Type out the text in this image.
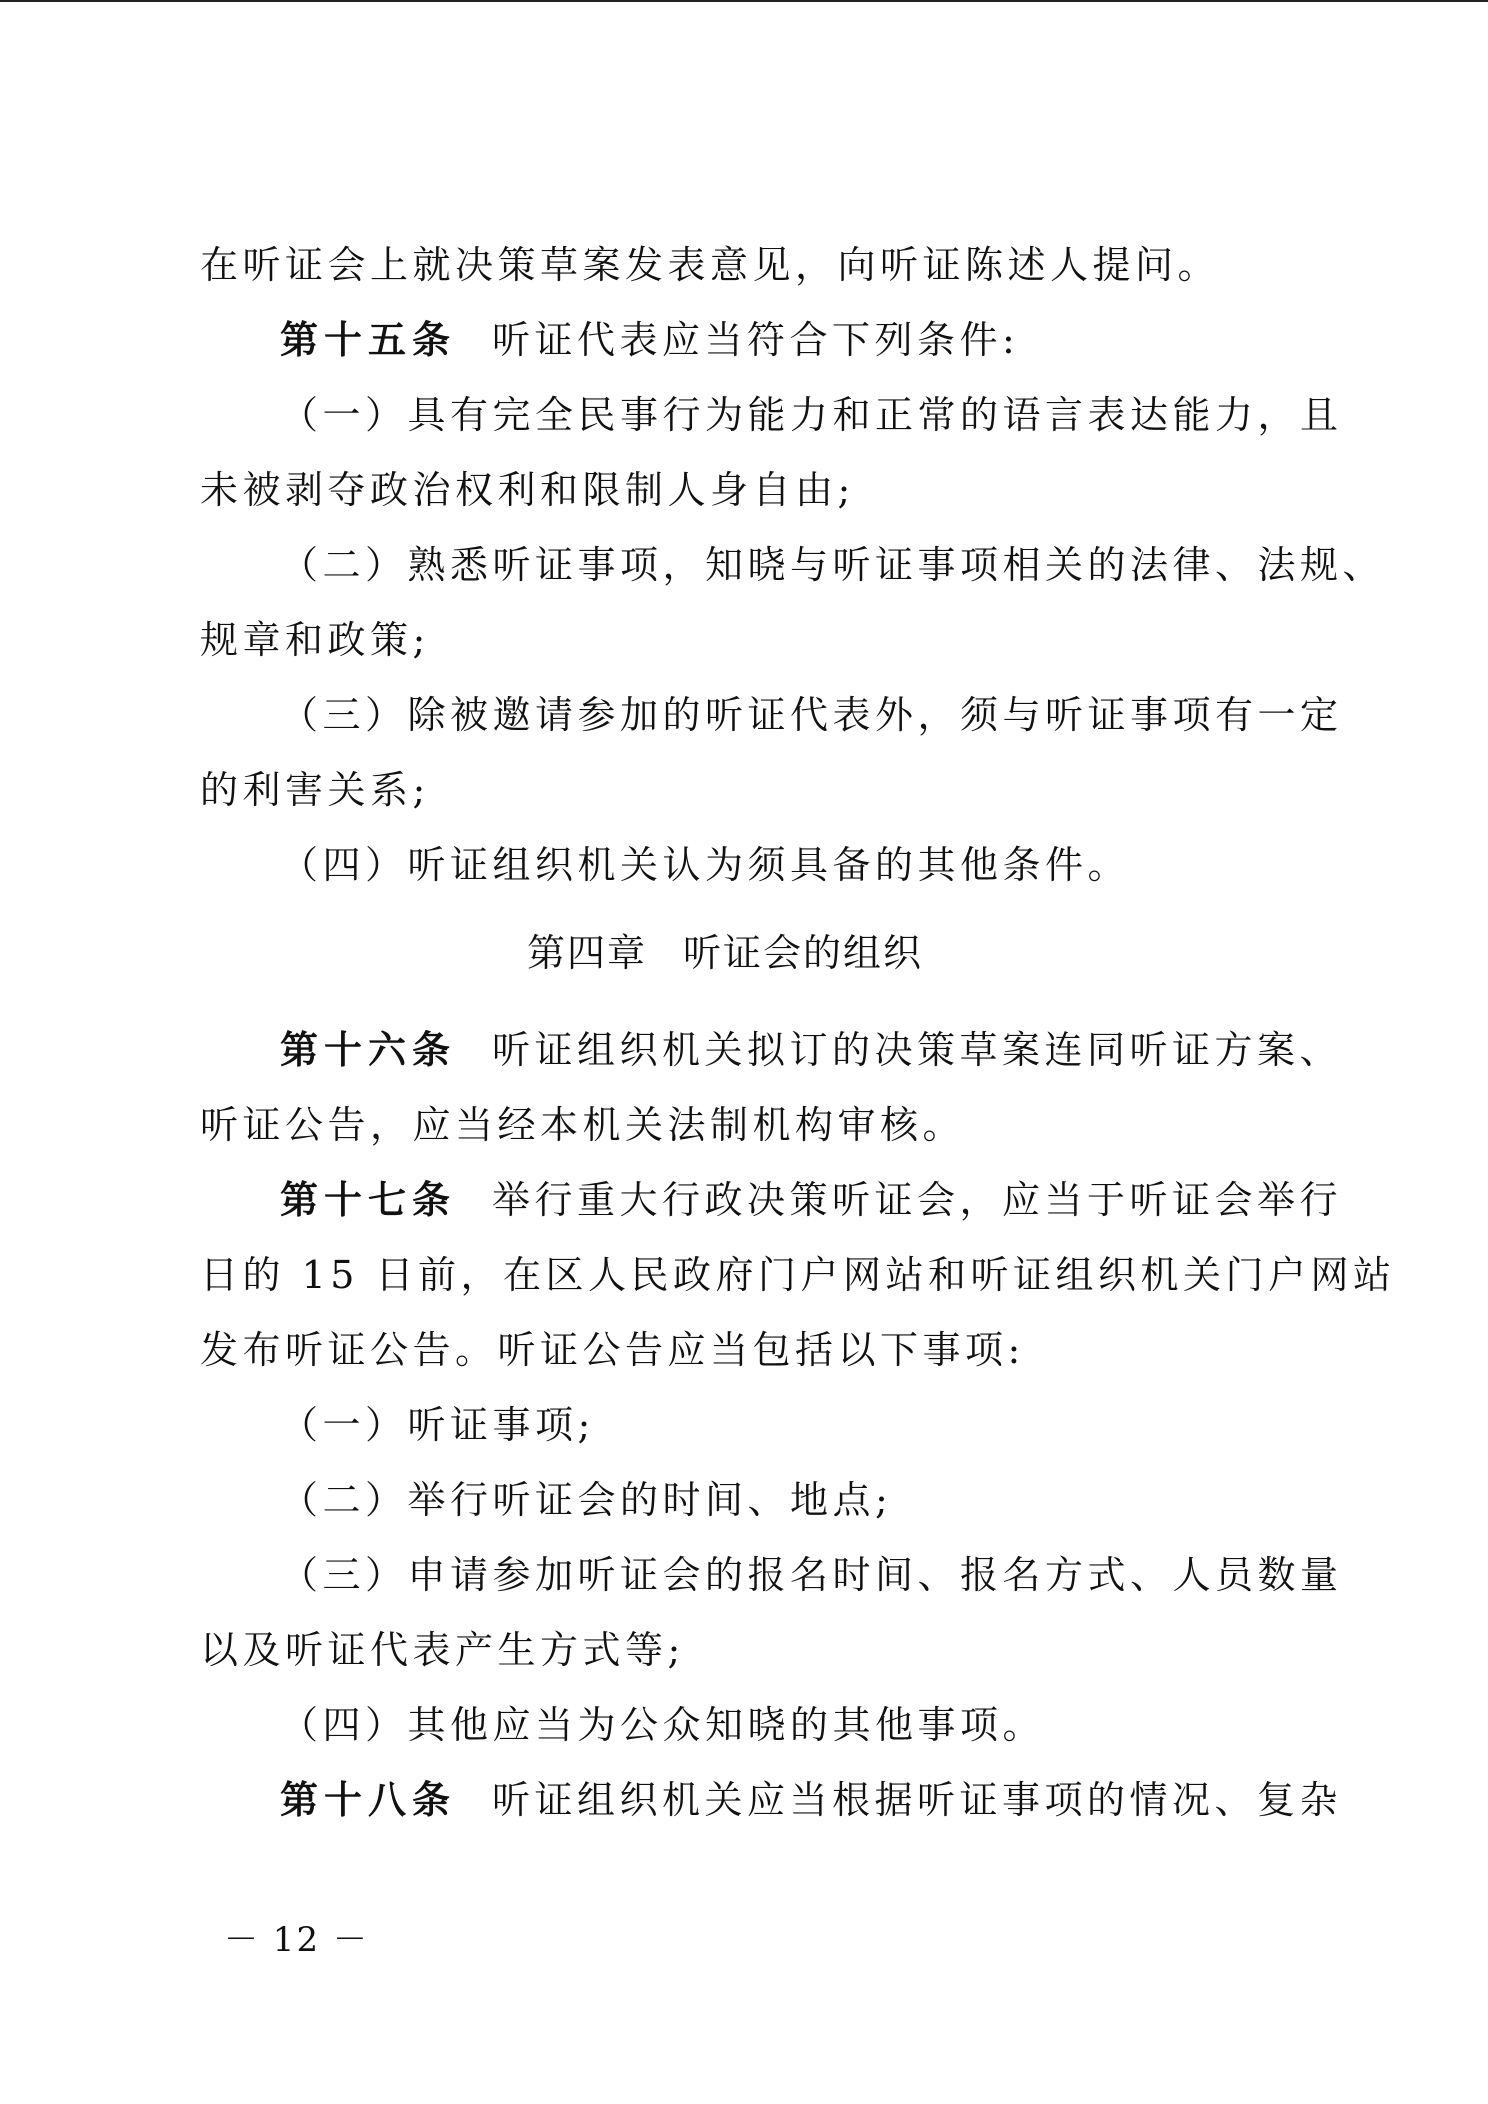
在听证会上就决策草案发表意见，向听证陈述人提问。
第十五条 听证代表应当符合下列条件:
（一）具有完全民事行为能力和正常的语言表达能力，且
未被剥夺政治权利和限制人身自由;
（二）熟悉听证事项，知晓与听证事项相关的法律、法规、
规章和政策;
（三）除被邀请参加的听证代表外，须与听证事项有一定
的利害关系;
（四）听证组织机关认为须具备的其他条件。
第四章 听证会的组织
第十六条 听证组织机关拟订的决策草案连同听证方案、
听证公告，应当经本机关法制机构审核。
第十七条 举行重大行政决策听证会，应当于听证会举行
日的 15 日前，在区人民政府门户网站和听证组织机关门户网站
发布听证公告。听证公告应当包括以下事项:
（一）听证事项;
（二）举行听证会的时间、地点;
（三）申请参加听证会的报名时间、报名方式、人员数量
以及听证代表产生方式等;
（四）其他应当为公众知晓的其他事项。
第十八条 听证组织机关应当根据听证事项的情况、复杂
－ 12 －
